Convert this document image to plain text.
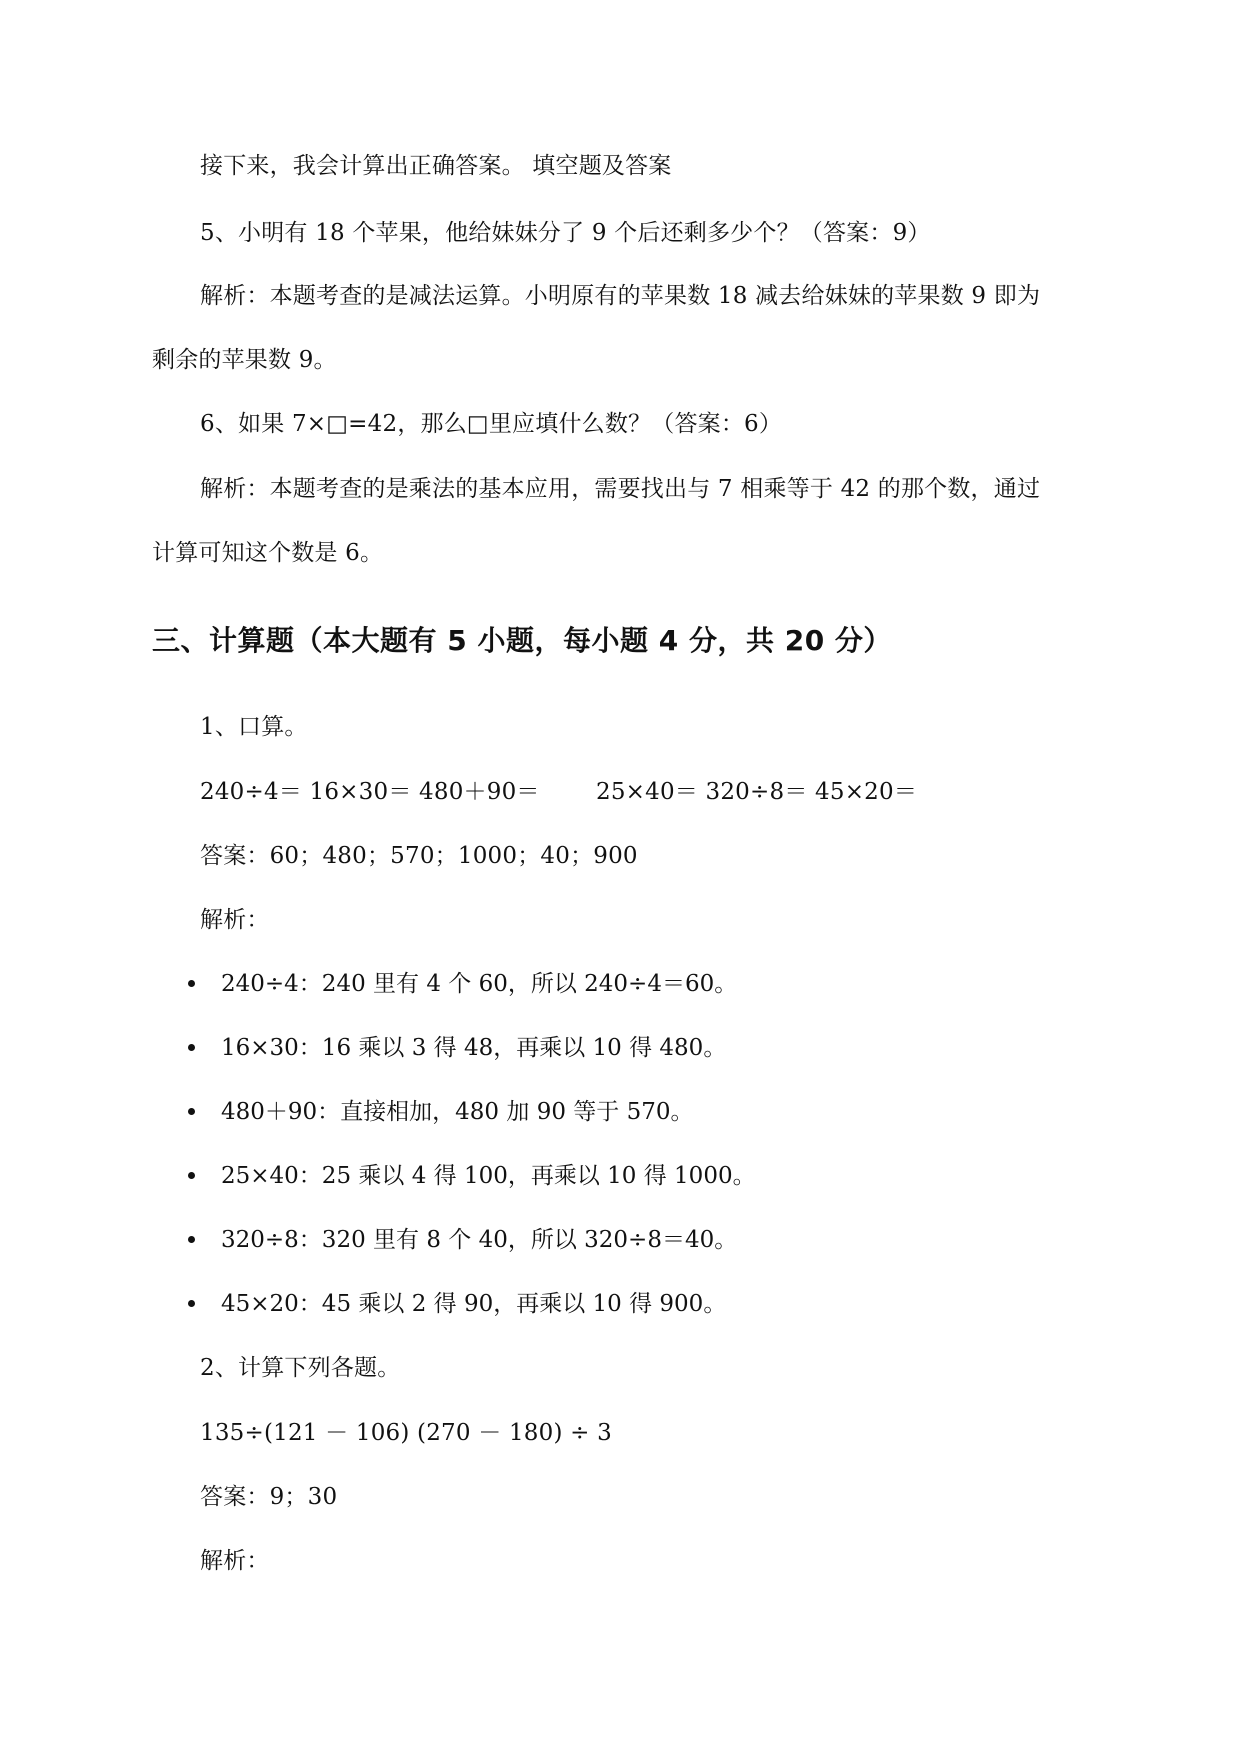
接下来，我会计算出正确答案。 填空题及答案
5、小明有 18 个苹果，他给妹妹分了 9 个后还剩多少个？（答案：9）
解析：本题考查的是减法运算。小明原有的苹果数 18 减去给妹妹的苹果数 9 即为
剩余的苹果数 9。
6、如果 7×□=42，那么□里应填什么数？（答案：6）
解析：本题考查的是乘法的基本应用，需要找出与 7 相乘等于 42 的那个数，通过
计算可知这个数是 6。
三、计算题（本大题有 5 小题，每小题 4 分，共 20 分）
1、口算。
240÷4＝ 16×30＝ 480＋90＝ 25×40＝ 320÷8＝ 45×20＝
答案：60；480；570；1000；40；900
解析：
240÷4：240 里有 4 个 60，所以 240÷4＝60。
16×30：16 乘以 3 得 48，再乘以 10 得 480。
480＋90：直接相加，480 加 90 等于 570。
25×40：25 乘以 4 得 100，再乘以 10 得 1000。
320÷8：320 里有 8 个 40，所以 320÷8＝40。
45×20：45 乘以 2 得 90，再乘以 10 得 900。
2、计算下列各题。
135÷(121 － 106) (270 － 180) ÷ 3
答案：9；30
解析：
